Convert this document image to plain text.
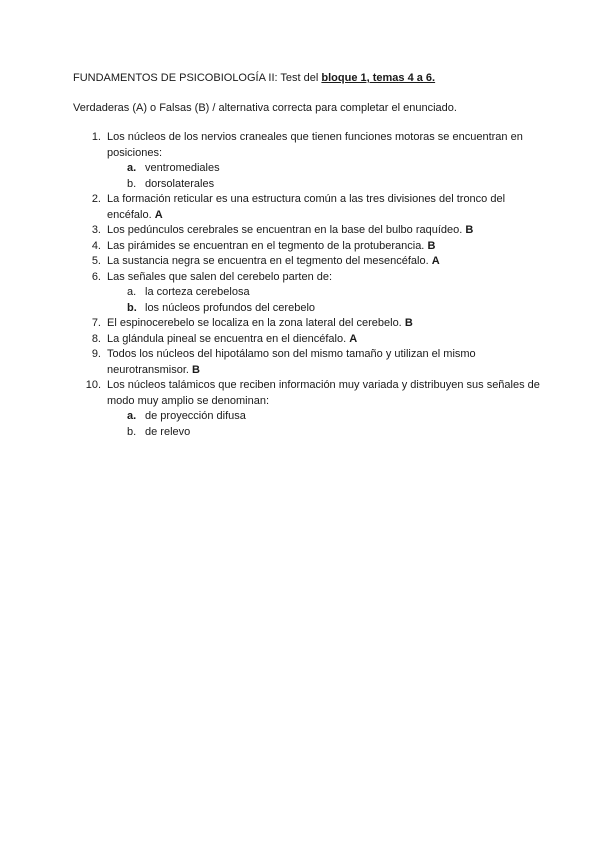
FUNDAMENTOS DE PSICOBIOLOGÍA II: Test del bloque 1, temas 4 a 6.
Verdaderas (A) o Falsas (B) / alternativa correcta para completar el enunciado.
1. Los núcleos de los nervios craneales que tienen funciones motoras se encuentran en posiciones:
a. ventromediales
b. dorsolaterales
2. La formación reticular es una estructura común a las tres divisiones del tronco del encéfalo. A
3. Los pedúnculos cerebrales se encuentran en la base del bulbo raquídeo. B
4. Las pirámides se encuentran en el tegmento de la protuberancia. B
5. La sustancia negra se encuentra en el tegmento del mesencéfalo. A
6. Las señales que salen del cerebelo parten de:
a. la corteza cerebelosa
b. los núcleos profundos del cerebelo
7. El espinocerebelo se localiza en la zona lateral del cerebelo. B
8. La glándula pineal se encuentra en el diencéfalo. A
9. Todos los núcleos del hipotálamo son del mismo tamaño y utilizan el mismo neurotransmisor. B
10. Los núcleos talámicos que reciben información muy variada y distribuyen sus señales de modo muy amplio se denominan:
a. de proyección difusa
b. de relevo
